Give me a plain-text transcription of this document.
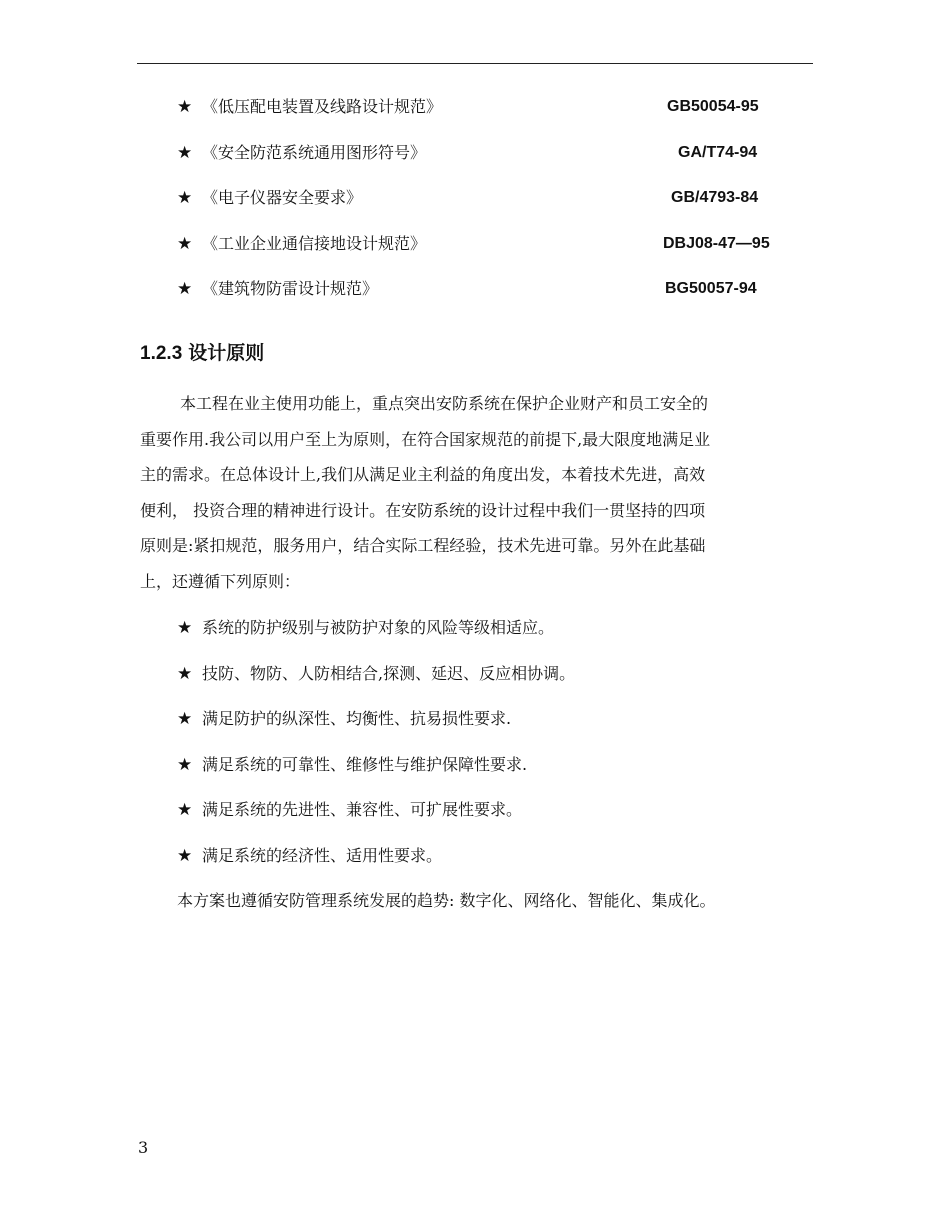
★ 《低压配电装置及线路设计规范》	GB50054-95
★ 《安全防范系统通用图形符号》	GA/T74-94
★ 《电子仪器安全要求》	GB/4793-84
★ 《工业企业通信接地设计规范》	DBJ08-47—95
★ 《建筑物防雷设计规范》	BG50057-94
1.2.3 设计原则
本工程在业主使用功能上，重点突出安防系统在保护企业财产和员工安全的
重要作用.我公司以用户至上为原则，在符合国家规范的前提下,最大限度地满足业
主的需求。在总体设计上,我们从满足业主利益的角度出发，本着技术先进，高效
便利， 投资合理的精神进行设计。在安防系统的设计过程中我们一贯坚持的四项
原则是:紧扣规范，服务用户，结合实际工程经验，技术先进可靠。另外在此基础
上，还遵循下列原则：
★ 系统的防护级别与被防护对象的风险等级相适应。
★ 技防、物防、人防相结合,探测、延迟、反应相协调。
★ 满足防护的纵深性、均衡性、抗易损性要求.
★ 满足系统的可靠性、维修性与维护保障性要求.
★ 满足系统的先进性、兼容性、可扩展性要求。
★ 满足系统的经济性、适用性要求。
本方案也遵循安防管理系统发展的趋势: 数字化、网络化、智能化、集成化。
3
